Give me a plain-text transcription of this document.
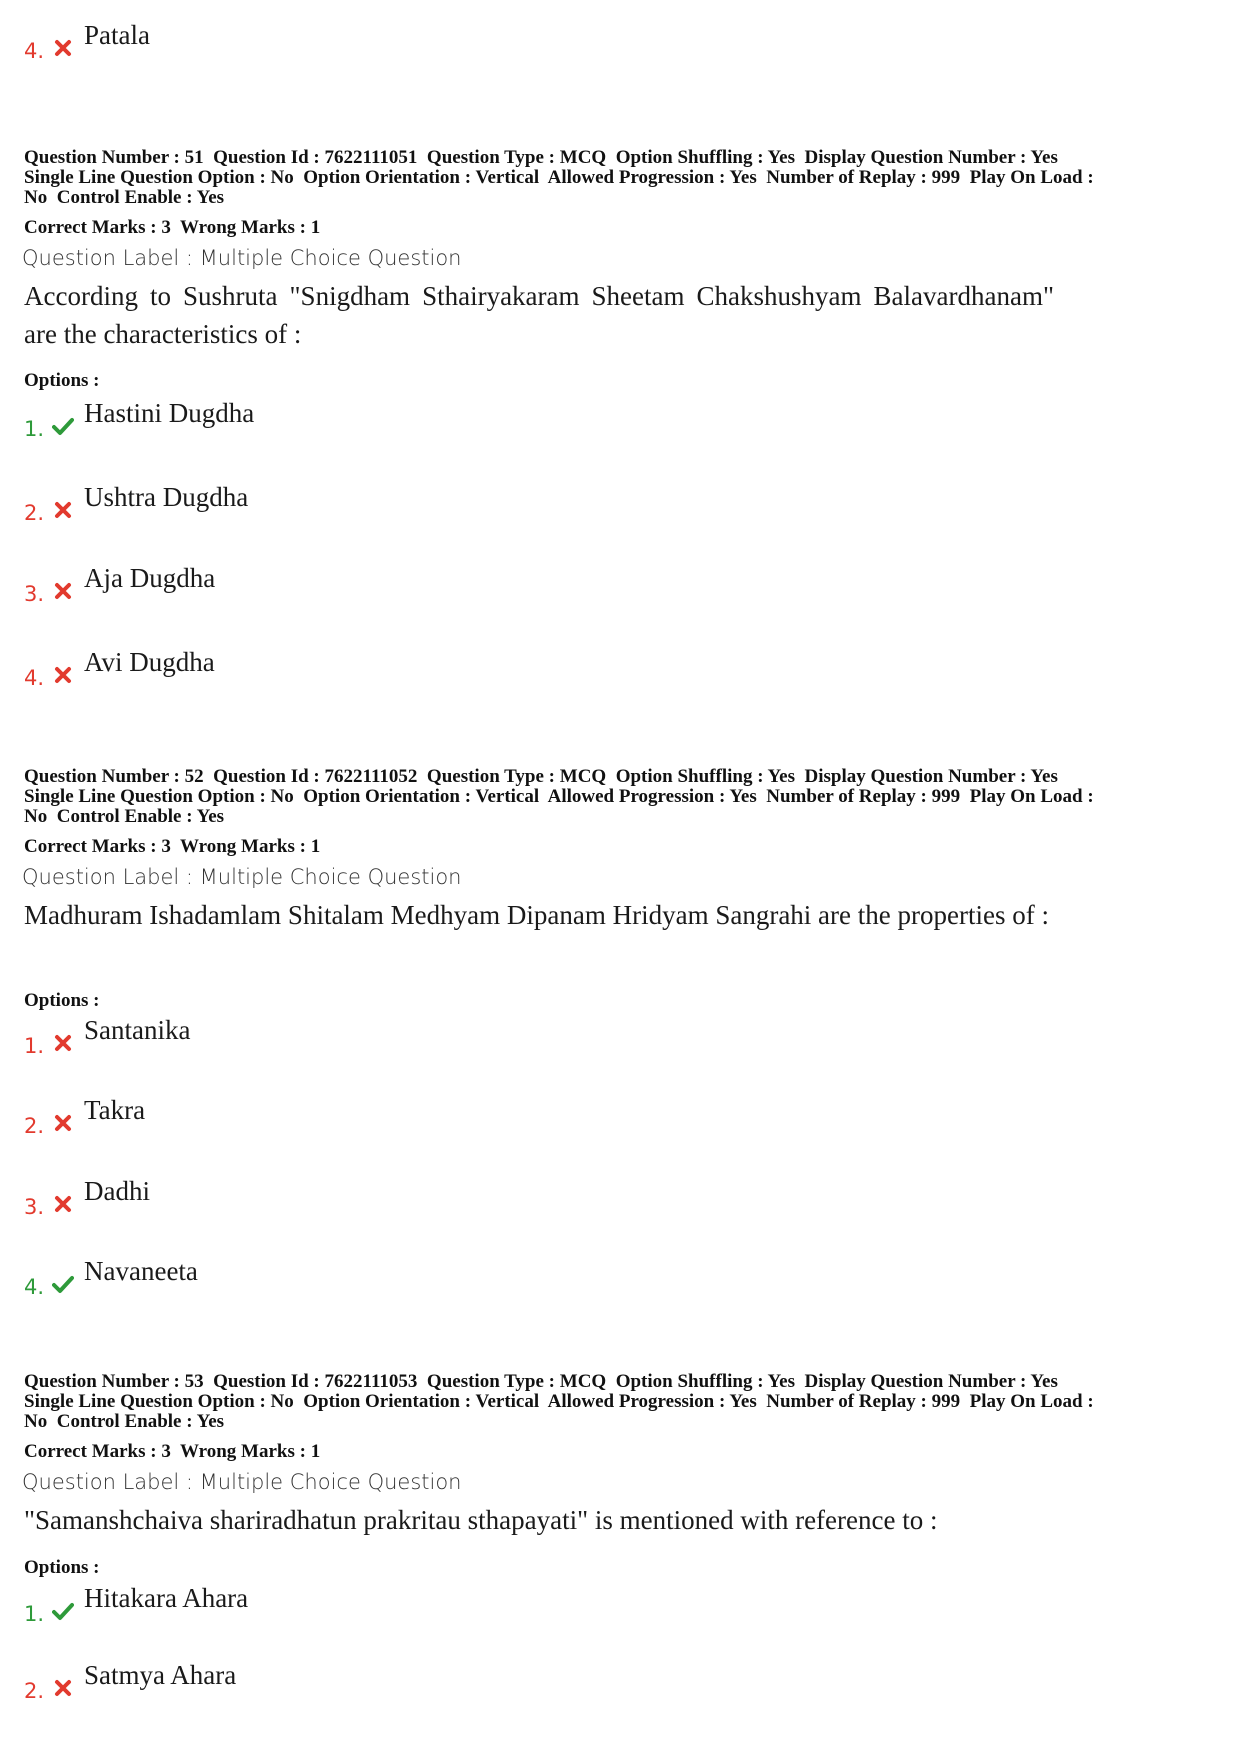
4.
Patala
Question Number : 51  Question Id : 7622111051  Question Type : MCQ  Option Shuffling : Yes  Display Question Number : Yes
Single Line Question Option : No  Option Orientation : Vertical  Allowed Progression : Yes  Number of Replay : 999  Play On Load :
No  Control Enable : Yes
Correct Marks : 3  Wrong Marks : 1
Question Label : Multiple Choice Question
According to Sushruta "Snigdham Sthairyakaram Sheetam Chakshushyam Balavardhanam" are the characteristics of :
Options :
1.
Hastini Dugdha
2.
Ushtra Dugdha
3.
Aja Dugdha
4.
Avi Dugdha
Question Number : 52  Question Id : 7622111052  Question Type : MCQ  Option Shuffling : Yes  Display Question Number : Yes
Single Line Question Option : No  Option Orientation : Vertical  Allowed Progression : Yes  Number of Replay : 999  Play On Load :
No  Control Enable : Yes
Correct Marks : 3  Wrong Marks : 1
Question Label : Multiple Choice Question
Madhuram Ishadamlam Shitalam Medhyam Dipanam Hridyam Sangrahi are the properties of :
Options :
1.
Santanika
2.
Takra
3.
Dadhi
4.
Navaneeta
Question Number : 53  Question Id : 7622111053  Question Type : MCQ  Option Shuffling : Yes  Display Question Number : Yes
Single Line Question Option : No  Option Orientation : Vertical  Allowed Progression : Yes  Number of Replay : 999  Play On Load :
No  Control Enable : Yes
Correct Marks : 3  Wrong Marks : 1
Question Label : Multiple Choice Question
"Samanshchaiva shariradhatun prakritau sthapayati" is mentioned with reference to :
Options :
1.
Hitakara Ahara
2.
Satmya Ahara
